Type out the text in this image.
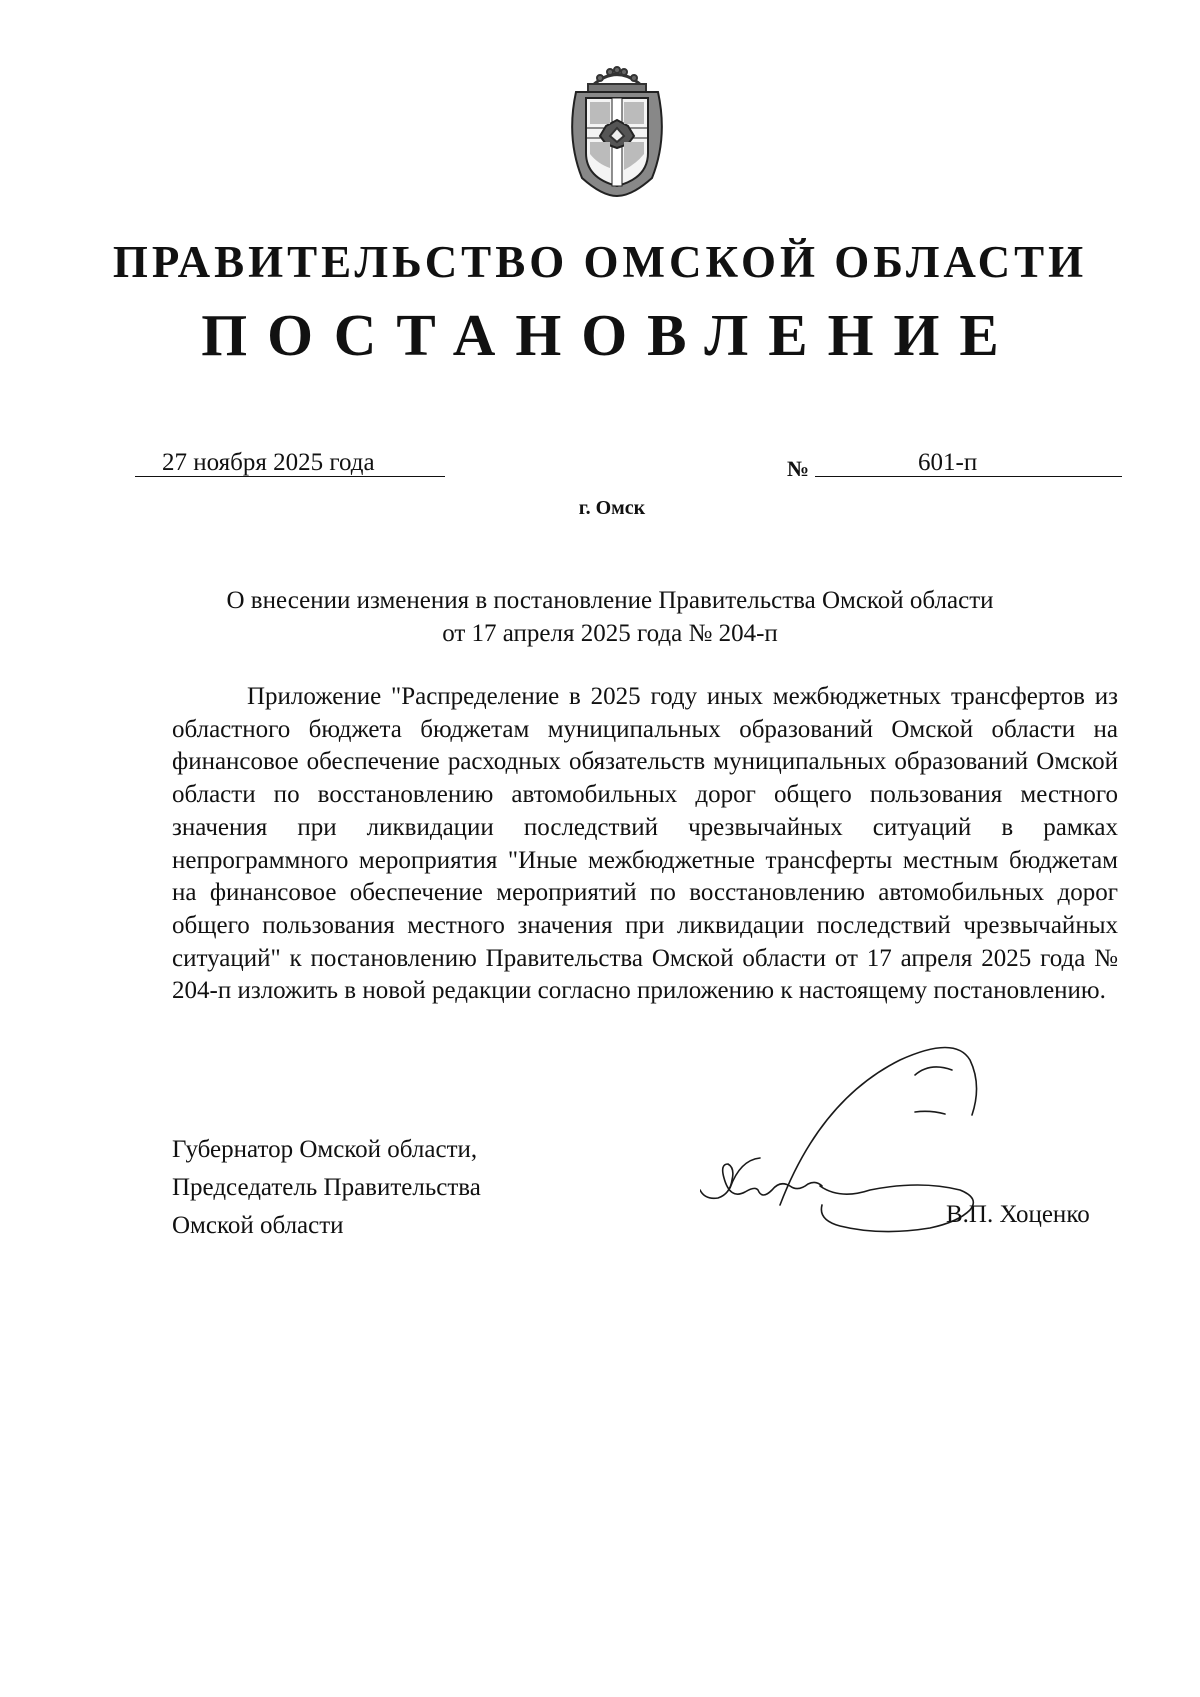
ПРАВИТЕЛЬСТВО ОМСКОЙ ОБЛАСТИ
ПОСТАНОВЛЕНИЕ
27 ноября 2025 года	№	601-п
г. Омск
О внесении изменения в постановление Правительства Омской области
от 17 апреля 2025 года № 204-п

Приложение "Распределение в 2025 году иных межбюджетных трансфертов из областного бюджета бюджетам муниципальных образований Омской области на финансовое обеспечение расходных обязательств муниципальных образований Омской области по восстановлению автомобильных дорог общего пользования местного значения при ликвидации последствий чрезвычайных ситуаций в рамках непрограммного мероприятия "Иные межбюджетные трансферты местным бюджетам на финансовое обеспечение мероприятий по восстановлению автомобильных дорог общего пользования местного значения при ликвидации последствий чрезвычайных ситуаций" к постановлению Правительства Омской области от 17 апреля 2025 года № 204-п изложить в новой редакции согласно приложению к настоящему постановлению.

Губернатор Омской области,
Председатель Правительства
Омской области	В.П. Хоценко
